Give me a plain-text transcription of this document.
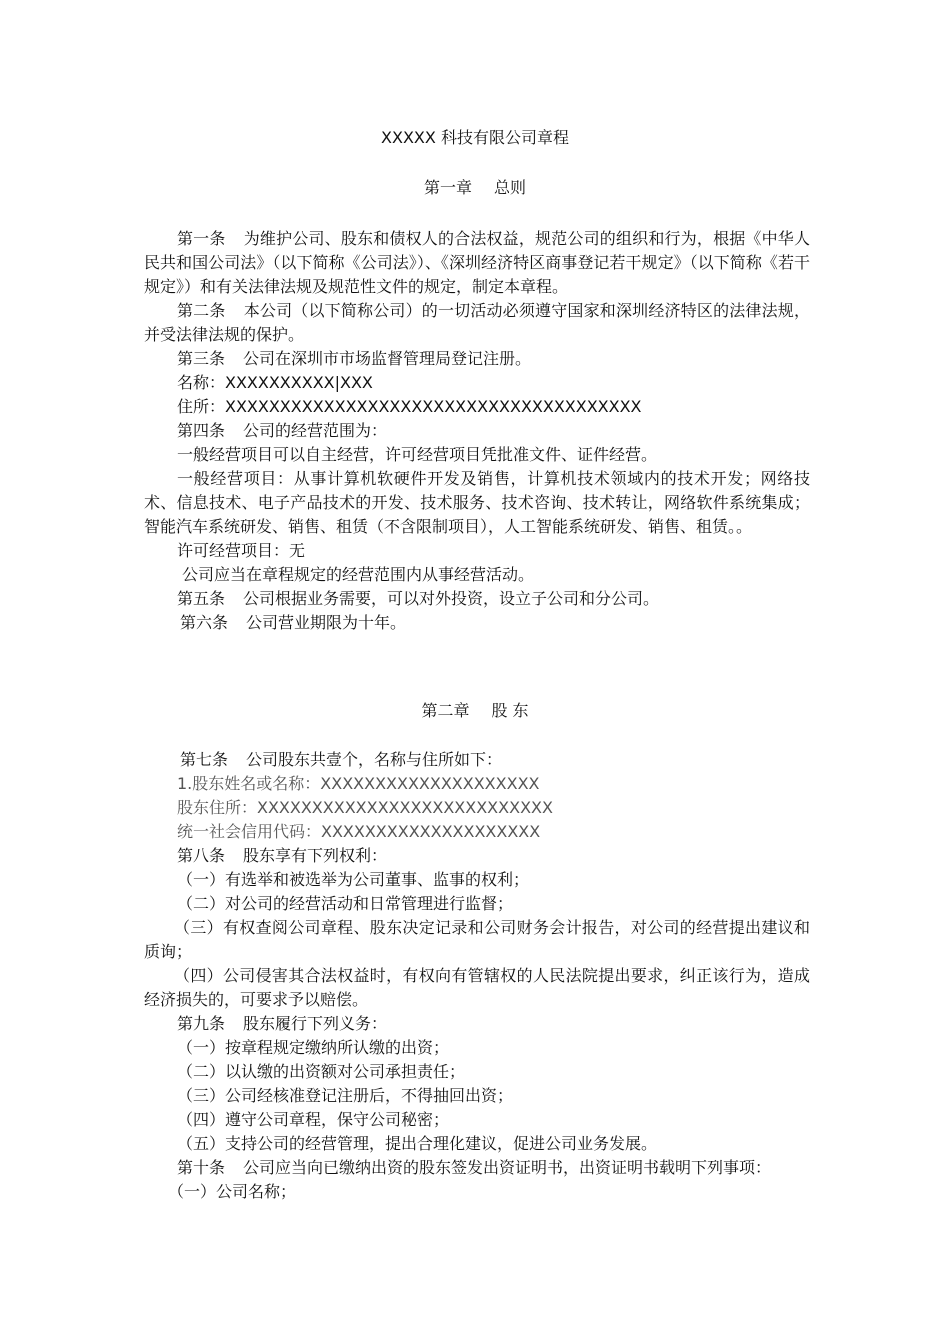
XXXXX 科技有限公司章程
第一章 总则

第一条 为维护公司、股东和债权人的合法权益，规范公司的组织和行为，根据《中华人民共和国公司法》（以下简称《公司法》）、《深圳经济特区商事登记若干规定》（以下简称《若干规定》）和有关法律法规及规范性文件的规定，制定本章程。

第二条 本公司（以下简称公司）的一切活动必须遵守国家和深圳经济特区的法律法规，并受法律法规的保护。

第三条 公司在深圳市市场监督管理局登记注册。

名称：XXXXXXXXXX|XXX

住所：XXXXXXXXXXXXXXXXXXXXXXXXXXXXXXXXXXXXXX

第四条 公司的经营范围为：

一般经营项目可以自主经营，许可经营项目凭批准文件、证件经营。

一般经营项目：从事计算机软硬件开发及销售，计算机技术领域内的技术开发；网络技术、信息技术、电子产品技术的开发、技术服务、技术咨询、技术转让，网络软件系统集成；智能汽车系统研发、销售、租赁（不含限制项目），人工智能系统研发、销售、租赁。。

许可经营项目：无

公司应当在章程规定的经营范围内从事经营活动。

第五条 公司根据业务需要，可以对外投资，设立子公司和分公司。

第六条 公司营业期限为十年。

第二章 股 东

第七条 公司股东共壹个，名称与住所如下：

1.股东姓名或名称：XXXXXXXXXXXXXXXXXXXX

股东住所：XXXXXXXXXXXXXXXXXXXXXXXXXXX

统一社会信用代码：XXXXXXXXXXXXXXXXXXXX

第八条 股东享有下列权利：

（一）有选举和被选举为公司董事、监事的权利；

（二）对公司的经营活动和日常管理进行监督；

（三）有权查阅公司章程、股东决定记录和公司财务会计报告，对公司的经营提出建议和质询；

（四）公司侵害其合法权益时，有权向有管辖权的人民法院提出要求，纠正该行为，造成经济损失的，可要求予以赔偿。

第九条 股东履行下列义务：

（一）按章程规定缴纳所认缴的出资；

（二）以认缴的出资额对公司承担责任；

（三）公司经核准登记注册后，不得抽回出资；

（四）遵守公司章程，保守公司秘密；

（五）支持公司的经营管理，提出合理化建议，促进公司业务发展。

第十条 公司应当向已缴纳出资的股东签发出资证明书，出资证明书载明下列事项：

（一）公司名称；
